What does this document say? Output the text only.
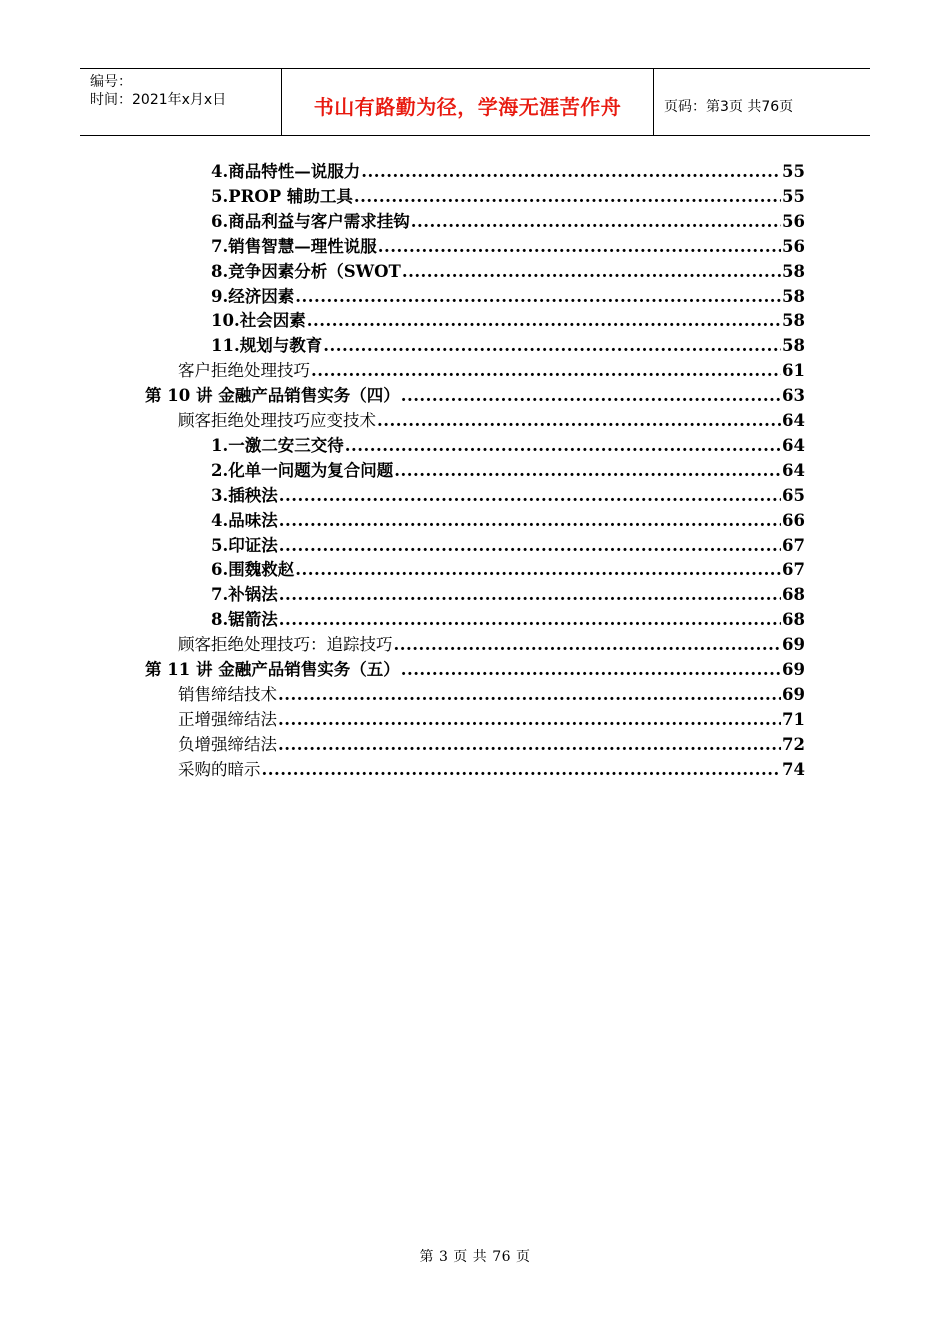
编号：
时间：2021年x月x日	书山有路勤为径，学海无涯苦作舟	页码：第3页 共76页
4.商品特性—说服力 .....	55
5.PROP 辅助工具 .....	55
6.商品利益与客户需求挂钩 .....	56
7.销售智慧—理性说服 .....	56
8.竞争因素分析（SWOT .....	58
9.经济因素 .....	58
10.社会因素 .....	58
11.规划与教育 .....	58
客户拒绝处理技巧 .....	61
第 10 讲 金融产品销售实务（四） .....	63
顾客拒绝处理技巧应变技术 .....	64
1.一激二安三交待 .....	64
2.化单一问题为复合问题 .....	64
3.插秧法 .....	65
4.品味法 .....	66
5.印证法 .....	67
6.围魏救赵 .....	67
7.补锅法 .....	68
8.锯箭法 .....	68
顾客拒绝处理技巧：追踪技巧 .....	69
第 11 讲 金融产品销售实务（五） .....	69
销售缔结技术 .....	69
正增强缔结法 .....	71
负增强缔结法 .....	72
采购的暗示 .....	74
第 3 页 共 76 页
